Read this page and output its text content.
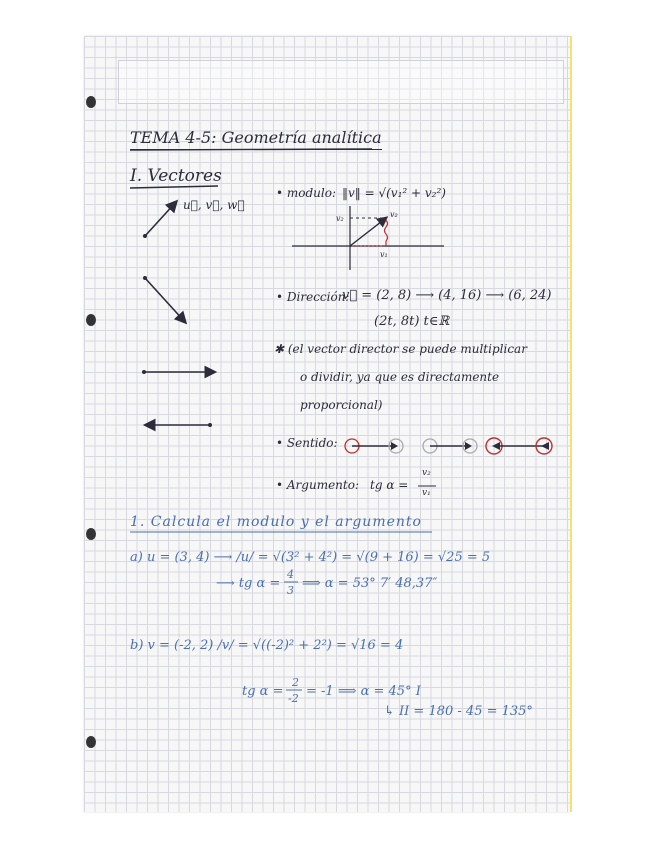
TEMA 4-5: Geometría analítica
I. Vectores
u⃗, v⃗, w⃗
• modulo: ‖v‖ = √(v₁² + v₂²)
v₂	v₂
v₁
• Dirección:
v⃗ = (2, 8) ⟶ (4, 16) ⟶ (6, 24)
(2t, 8t) t∈ℝ
✱ (el vector director se puede multiplicar
o dividir, ya que es directamente
proporcional)
• Sentido:
• Argumento: tg α =
v₂
v₁
1. Calcula el modulo y el argumento
a) u = (3, 4) ⟶ /u/ = √(3² + 4²) = √(9 + 16) = √25 = 5
⟶ tg α =
4
3 ⟹ α = 53° 7′ 48,37″
b) v = (-2, 2) /v/ = √((-2)² + 2²) = √16 = 4
tg α =
2
-2 = -1 ⟹ α = 45° I
↳ II = 180 - 45 = 135°
